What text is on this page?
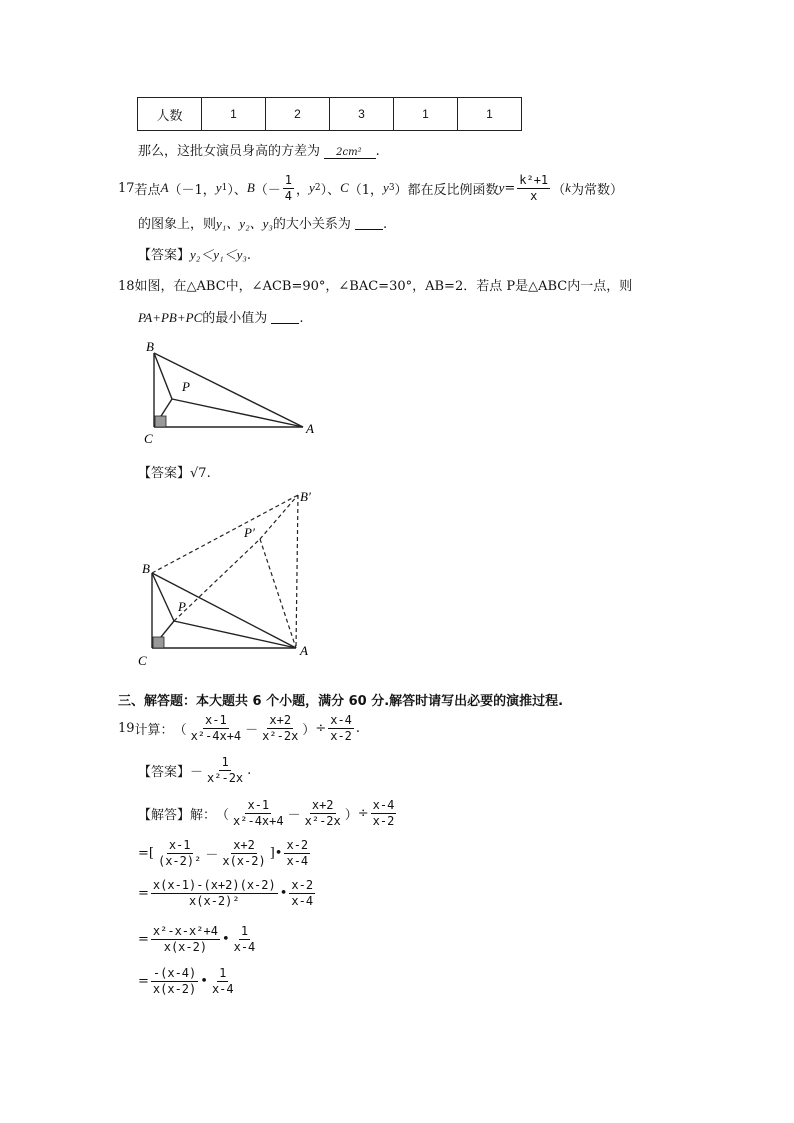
人数	1	2	3	1	1
那么，这批女演员身高的方差为 2cm² .
17 若点 A （－1， y 1 ）、 B （－ $\frac{1}{4}$ ， y 2 ）、 C （1， y 3 ）都在反比例函数 $y = \frac{\text{k²+1}}{x}$ （ k 为常数）
的图象上，则y₁、y₂、y₃的大小关系为 .
【答案】y₂＜y₁＜y₃.
18如图，在△ABC中，∠ACB=90°，∠BAC=30°，AB=2．若点 P是△ABC内一点，则
PA+PB+PC的最小值为 .
B
P
C
A
【答案】√7.
B′
P′
B
P
C
A
三、解答题：本大题共 6 个小题，满分 60 分.解答时请写出必要的演推过程.
19 计算： （ $\frac{x-1}{\text{x²-4x+4}} - \frac{x+2}{\text{x²-2x}}$ ） ÷ $\frac{x-4}{x-2}$ .
【答案】 － $\frac{1}{\text{x²-2x}}$ .
【解答】解： （ $\frac{x-1}{\text{x²-4x+4}} - \frac{x+2}{\text{x²-2x}}$ ） ÷ $\frac{x-4}{x-2}$
= [ $\frac{x-1}{\text{(x-2)²}} - \frac{x+2}{x(x-2)}$ ] • $\frac{x-2}{x-4}$
= $\frac{x(x-1)-(x+2)(x-2)}{\text{x(x-2)²}}$ • $\frac{x-2}{x-4}$
= $\frac{\text{x²-x-x²+4}}{x(x-2)}$ • $\frac{1}{x-4}$
= $\frac{-(x-4)}{x(x-2)}$ • $\frac{1}{x-4}$
